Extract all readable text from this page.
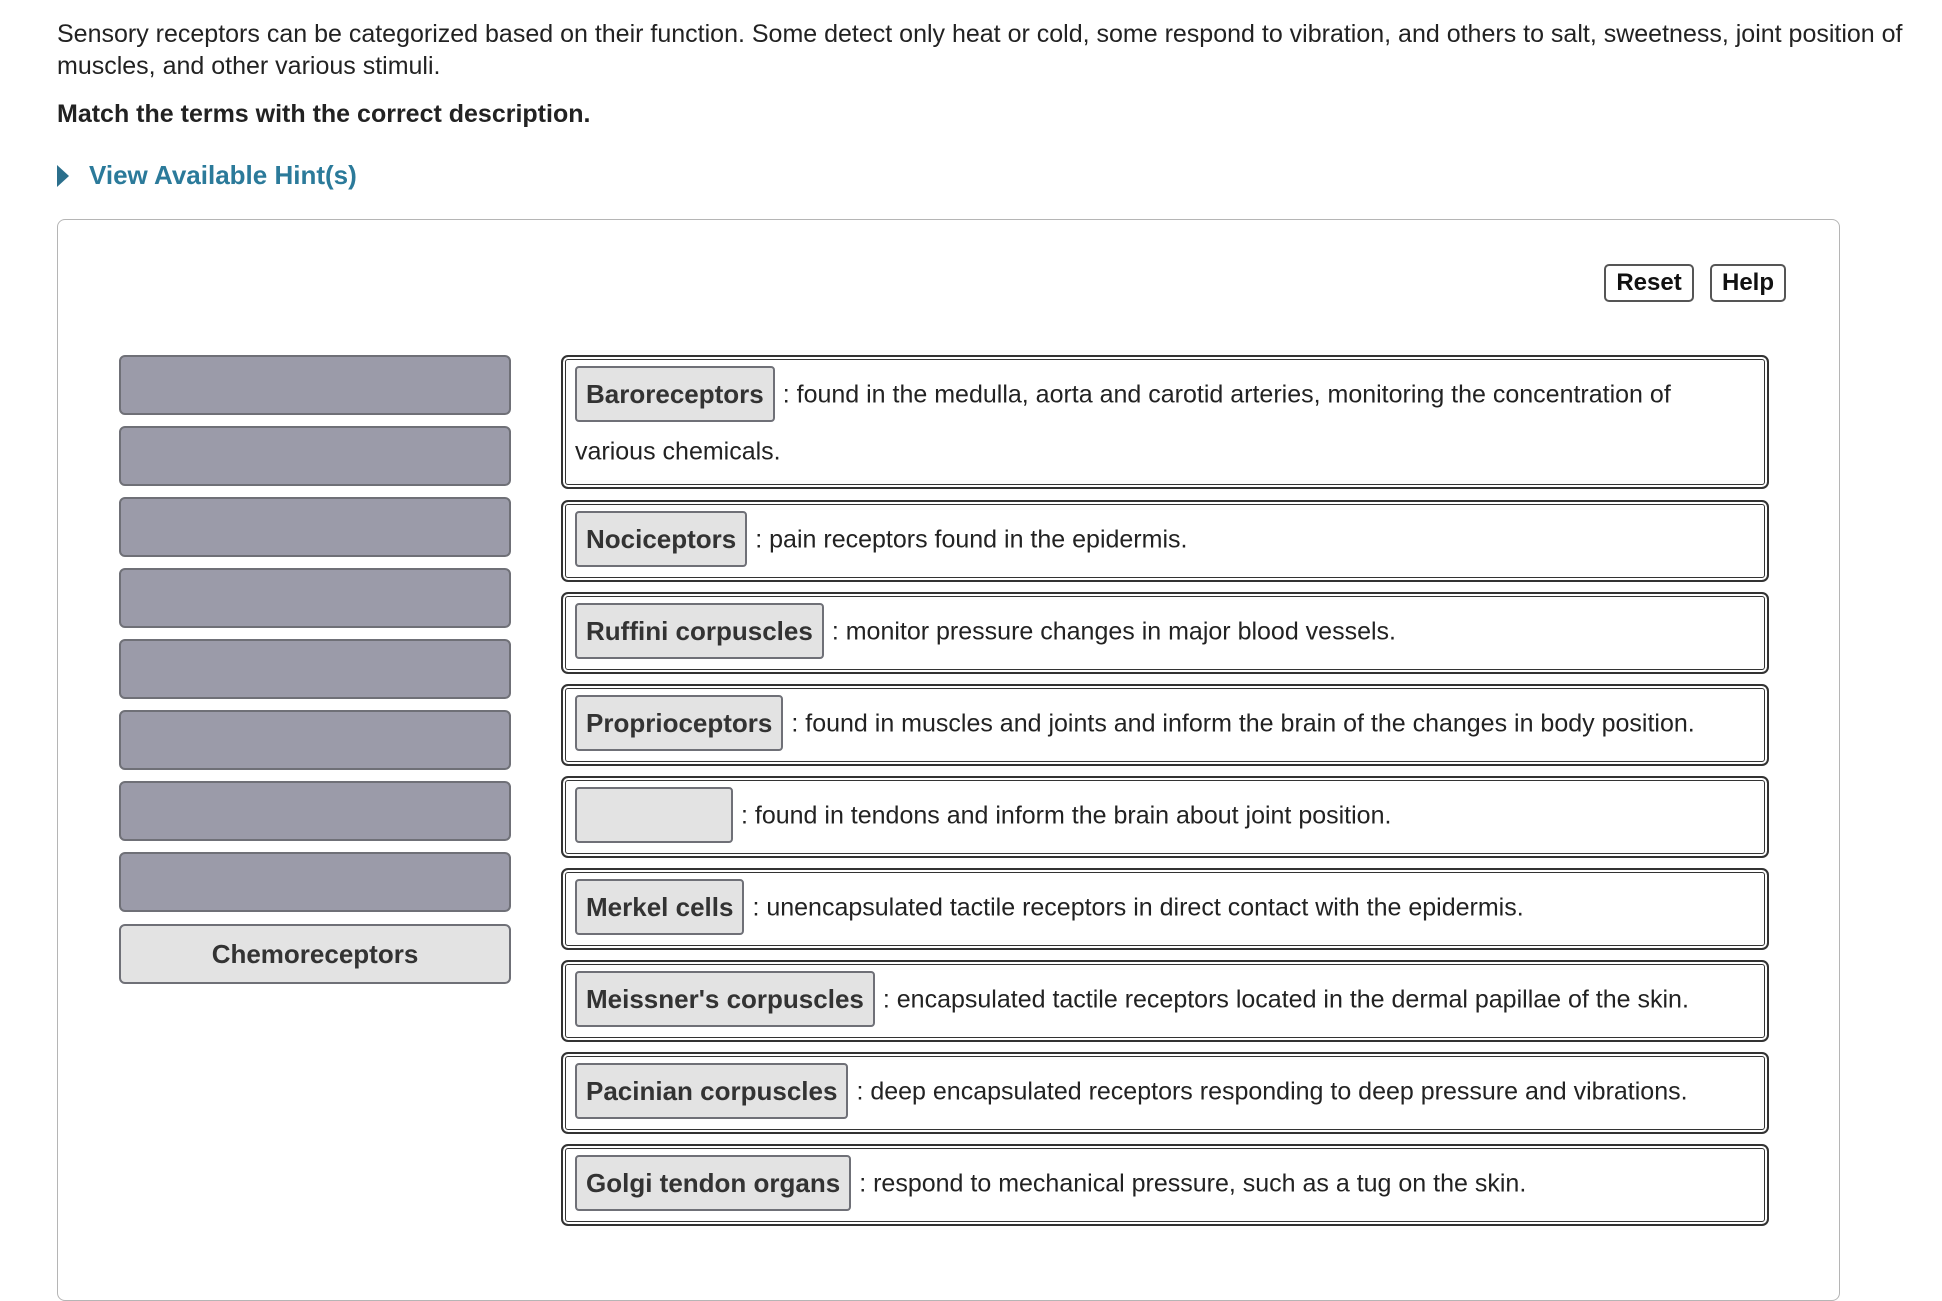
Sensory receptors can be categorized based on their function. Some detect only heat or cold, some respond to vibration, and others to salt, sweetness, joint position of muscles, and other various stimuli.
Match the terms with the correct description.
View Available Hint(s)
Reset	Help
Chemoreceptors
Baroreceptors : found in the medulla, aorta and carotid arteries, monitoring the concentration of various chemicals.
Nociceptors : pain receptors found in the epidermis.
Ruffini corpuscles : monitor pressure changes in major blood vessels.
Proprioceptors : found in muscles and joints and inform the brain of the changes in body position.
: found in tendons and inform the brain about joint position.
Merkel cells : unencapsulated tactile receptors in direct contact with the epidermis.
Meissner's corpuscles : encapsulated tactile receptors located in the dermal papillae of the skin.
Pacinian corpuscles : deep encapsulated receptors responding to deep pressure and vibrations.
Golgi tendon organs : respond to mechanical pressure, such as a tug on the skin.
